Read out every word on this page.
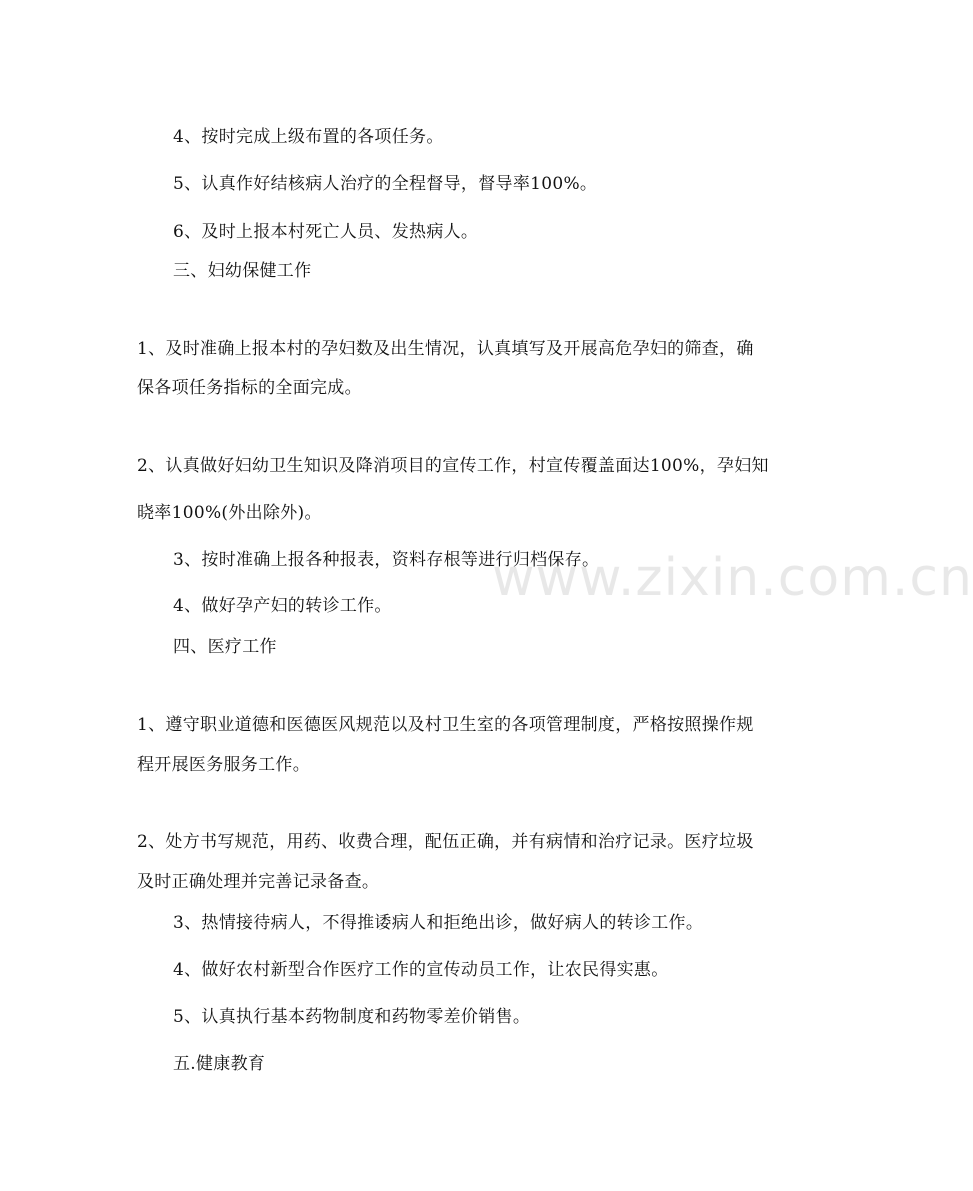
www.zixin.com.cn
4、按时完成上级布置的各项任务。
5、认真作好结核病人治疗的全程督导，督导率100%。
6、及时上报本村死亡人员、发热病人。
三、妇幼保健工作
1、及时准确上报本村的孕妇数及出生情况，认真填写及开展高危孕妇的筛查，确
保各项任务指标的全面完成。
2、认真做好妇幼卫生知识及降消项目的宣传工作，村宣传覆盖面达100%，孕妇知
晓率100%(外出除外)。
3、按时准确上报各种报表，资料存根等进行归档保存。
4、做好孕产妇的转诊工作。
四、医疗工作
1、遵守职业道德和医德医风规范以及村卫生室的各项管理制度，严格按照操作规
程开展医务服务工作。
2、处方书写规范，用药、收费合理，配伍正确，并有病情和治疗记录。医疗垃圾
及时正确处理并完善记录备查。
3、热情接待病人，不得推诿病人和拒绝出诊，做好病人的转诊工作。
4、做好农村新型合作医疗工作的宣传动员工作，让农民得实惠。
5、认真执行基本药物制度和药物零差价销售。
五.健康教育
